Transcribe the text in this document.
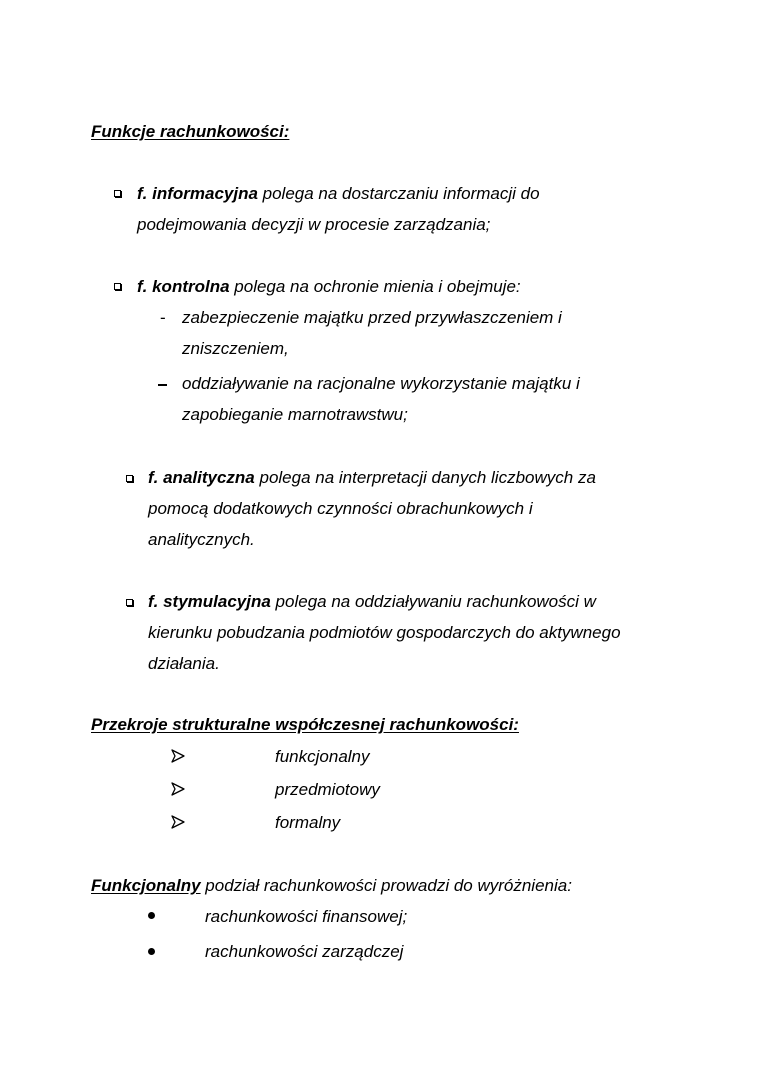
Funkcje rachunkowości:
f. informacyjna polega na dostarczaniu informacji do
podejmowania decyzji w procesie zarządzania;
f. kontrolna polega na ochronie mienia i obejmuje:
- zabezpieczenie majątku przed przywłaszczeniem i
zniszczeniem,
oddziaływanie na racjonalne wykorzystanie majątku i
zapobieganie marnotrawstwu;
f. analityczna polega na interpretacji danych liczbowych za
pomocą dodatkowych czynności obrachunkowych i
analitycznych.
f. stymulacyjna polega na oddziaływaniu rachunkowości w
kierunku pobudzania podmiotów gospodarczych do aktywnego
działania.
Przekroje strukturalne współczesnej rachunkowości:
funkcjonalny
przedmiotowy
formalny
Funkcjonalny podział rachunkowości prowadzi do wyróżnienia:
rachunkowości finansowej;
rachunkowości zarządczej
